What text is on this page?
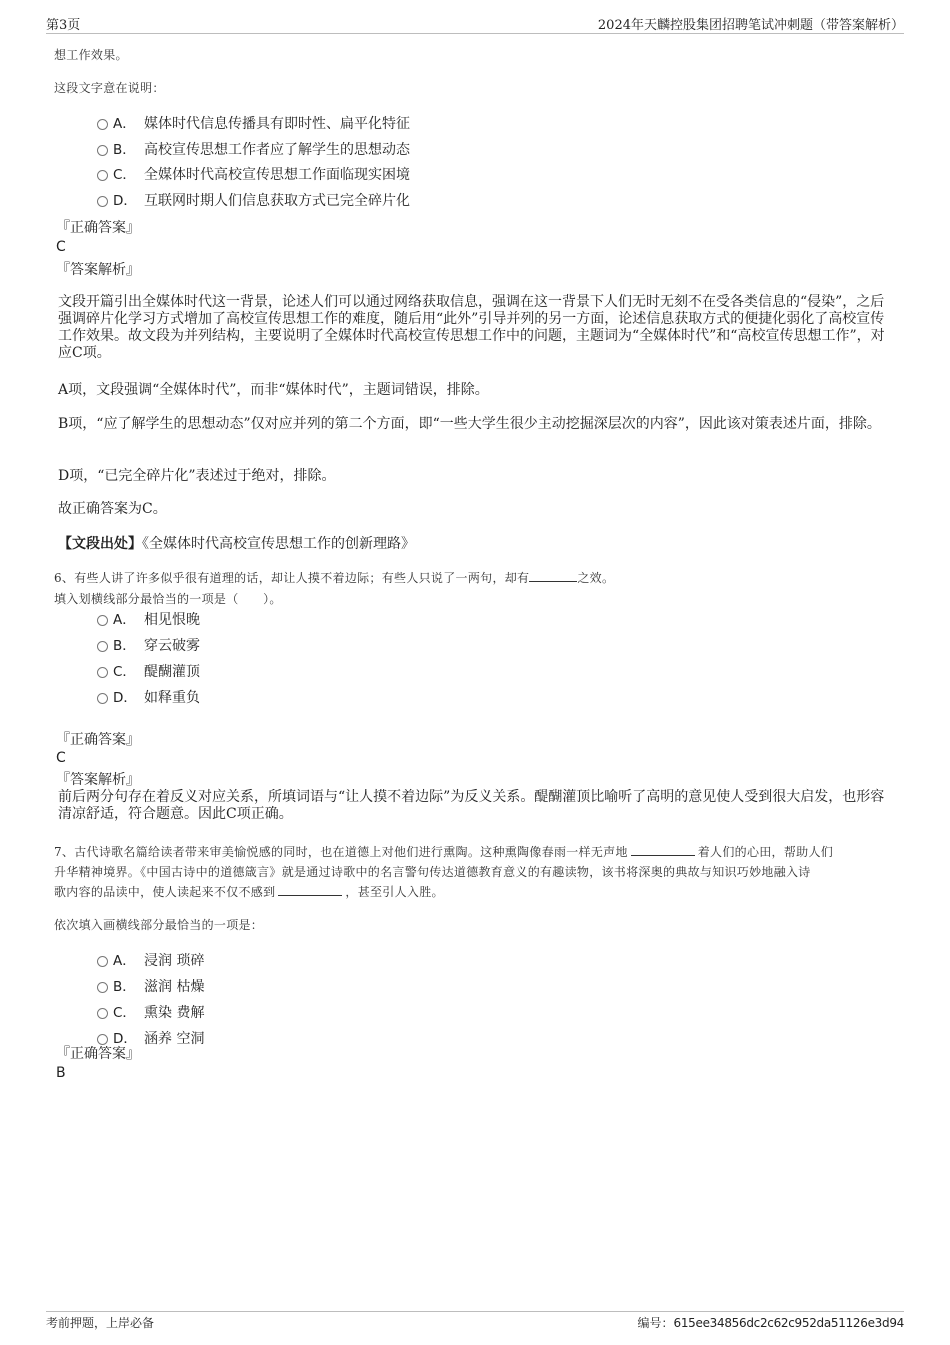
第3页	2024年天麟控股集团招聘笔试冲刺题（带答案解析）
想工作效果。
这段文字意在说明：
A． 媒体时代信息传播具有即时性、扁平化特征
B． 高校宣传思想工作者应了解学生的思想动态
C． 全媒体时代高校宣传思想工作面临现实困境
D． 互联网时期人们信息获取方式已完全碎片化
『正确答案』
C
『答案解析』
文段开篇引出全媒体时代这一背景，论述人们可以通过网络获取信息，强调在这一背景下人们无时无刻不在受各类信息的“侵染”，之后强调碎片化学习方式增加了高校宣传思想工作的难度，随后用“此外”引导并列的另一方面，论述信息获取方式的便捷化弱化了高校宣传工作效果。故文段为并列结构，主要说明了全媒体时代高校宣传思想工作中的问题，主题词为“全媒体时代”和“高校宣传思想工作”，对应C项。
A项，文段强调“全媒体时代”，而非“媒体时代”，主题词错误，排除。
B项，“应了解学生的思想动态”仅对应并列的第二个方面，即“一些大学生很少主动挖掘深层次的内容”，因此该对策表述片面，排除。
D项，“已完全碎片化”表述过于绝对，排除。
故正确答案为C。
【文段出处】《全媒体时代高校宣传思想工作的创新理路》
6、有些人讲了许多似乎很有道理的话，却让人摸不着边际；有些人只说了一两句，却有	之效。
填入划横线部分最恰当的一项是（　　）。
A． 相见恨晚
B． 穿云破雾
C． 醍醐灌顶
D． 如释重负
『正确答案』
C
『答案解析』
前后两分句存在着反义对应关系，所填词语与“让人摸不着边际”为反义关系。醍醐灌顶比喻听了高明的意见使人受到很大启发，也形容清凉舒适，符合题意。因此C项正确。
7、古代诗歌名篇给读者带来审美愉悦感的同时，也在道德上对他们进行熏陶。这种熏陶像春雨一样无声地	着人们的心田，帮助人们
升华精神境界。《中国古诗中的道德箴言》就是通过诗歌中的名言警句传达道德教育意义的有趣读物，该书将深奥的典故与知识巧妙地融入诗
歌内容的品读中，使人读起来不仅不感到	，甚至引人入胜。
依次填入画横线部分最恰当的一项是：
A． 浸润 琐碎
B． 滋润 枯燥
C． 熏染 费解
D． 涵养 空洞
『正确答案』
B
考前押题，上岸必备	编号：615ee34856dc2c62c952da51126e3d94
